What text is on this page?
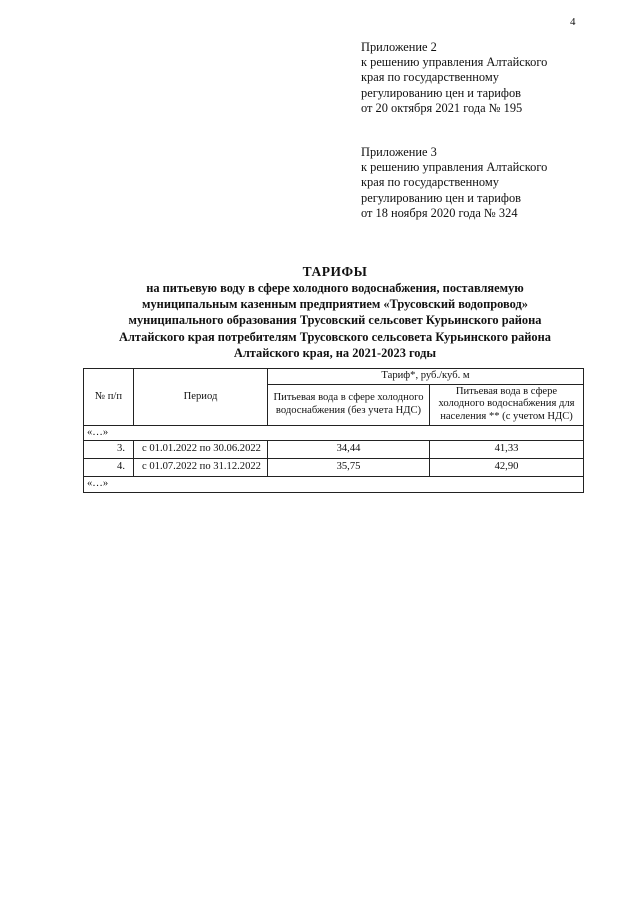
4
Приложение 2
к решению управления Алтайского
края по государственному
регулированию цен и тарифов
от 20 октября 2021 года № 195
Приложение 3
к решению управления Алтайского
края по государственному
регулированию цен и тарифов
от 18 ноября 2020 года № 324
ТАРИФЫ
на питьевую воду в сфере холодного водоснабжения, поставляемую
муниципальным казенным предприятием «Трусовский водопровод»
муниципального образования Трусовский сельсовет Курьинского района
Алтайского края потребителям Трусовского сельсовета Курьинского района
Алтайского края, на 2021-2023 годы
№ п/п	Период	Тариф*, руб./куб. м	
		Питьевая вода в сфере холодного водоснабжения (без учета НДС)	Питьевая вода в сфере холодного водоснабжения для населения ** (с учетом НДС)
«…»			
3.	с 01.01.2022 по 30.06.2022	34,44	41,33
4.	с 01.07.2022 по 31.12.2022	35,75	42,90
«…»			
